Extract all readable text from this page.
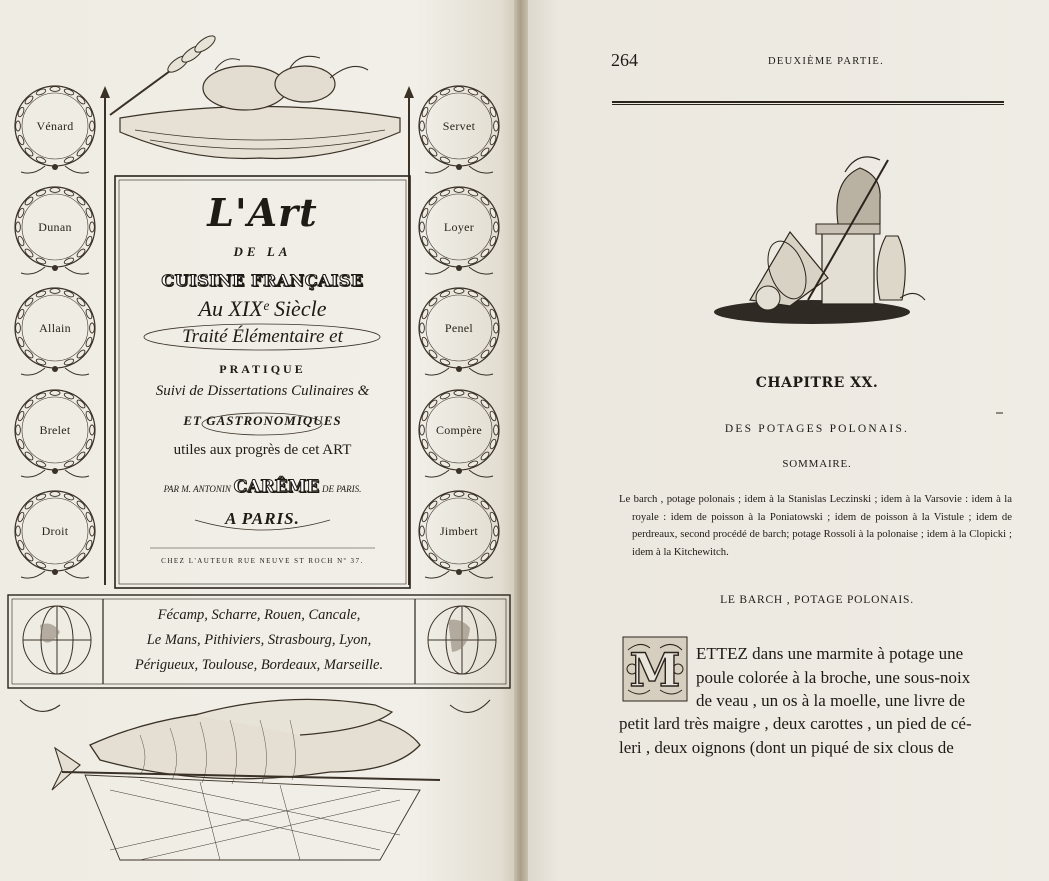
Vénard
Dunan
Allain
Brelet
Droit
Servet
Loyer
Penel
Compère
Jimbert
L'Art
DE LA
CUISINE FRANÇAISE
Au XIXᵉ Siècle
Traité Élémentaire et
PRATIQUE
Suivi de Dissertations Culinaires &
ET GASTRONOMIQUES
utiles aux progrès de cet ART
PAR M. ANTONIN CARÊME DE PARIS.
A PARIS.
CHEZ L'AUTEUR RUE NEUVE ST ROCH Nº 37.
Fécamp, Scharre, Rouen, Cancale,
Le Mans, Pithiviers, Strasbourg, Lyon,
Périgueux, Toulouse, Bordeaux, Marseille.
264	DEUXIÈME PARTIE.
CHAPITRE XX.
DES POTAGES POLONAIS.
SOMMAIRE.
Le barch , potage polonais ; idem à la Stanislas Leczinski ; idem à la Varsovie : idem à la royale : idem de poisson à la Poniatowski ; idem de poisson à la Vistule ; idem de perdreaux, second procédé de barch; potage Rossoli à la polonaise ; idem à la Clopicki ; idem à la Kitchewitch.
LE BARCH , POTAGE POLONAIS.
M ETTEZ dans une marmite à potage une
poule colorée à la broche, une sous-noix
de veau , un os à la moelle, une livre de
petit lard très maigre , deux carottes , un pied de cé-
leri , deux oignons (dont un piqué de six clous de
